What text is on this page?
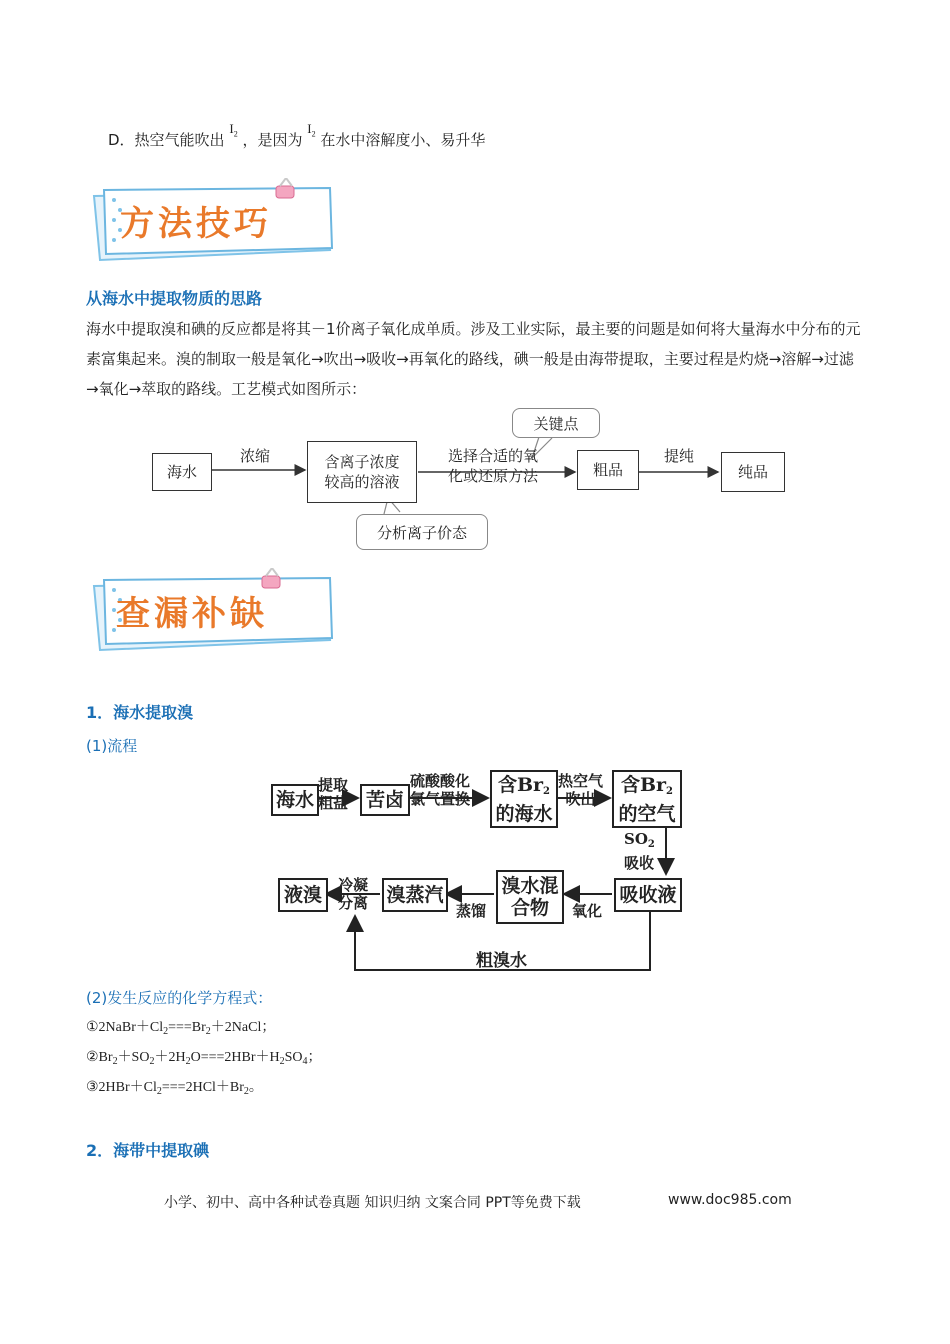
D．热空气能吹出 $I_2$ ，是因为 $I_2$ 在水中溶解度小、易升华
方法技巧
从海水中提取物质的思路
海水中提取溴和碘的反应都是将其－1价离子氧化成单质。涉及工业实际，最主要的问题是如何将大量海水中分布的元素富集起来。溴的制取一般是氧化→吹出→吸收→再氧化的路线，碘一般是由海带提取，主要过程是灼烧→溶解→过滤→氧化→萃取的路线。工艺模式如图所示：
海水
浓缩	含离子浓度
较高的溶液
选择合适的氧
化或还原方法	粗品
提纯
纯品
关键点
分析离子价态
查漏补缺
1．海水提取溴
(1)流程
海水
提取
粗盐 苦卤
硫酸酸化
氯气置换
含$Br_2$
的海水
热空气
吹出
含$Br_2$
的空气
$SO_2$
吸收
吸收液
氧化
溴水混
合物
蒸馏
溴蒸汽
冷凝
分离
液溴
粗溴水
(2)发生反应的化学方程式：
$①2NaBr+Cl_2===Br_2+2NaCl$；
$②Br_2+SO_2+2H_2O===2HBr+H_2SO_4$；
$③2HBr+Cl_2===2HCl+Br_2$。
2．海带中提取碘
小学、初中、高中各种试卷真题 知识归纳 文案合同 PPT等免费下载	www.doc985.com
